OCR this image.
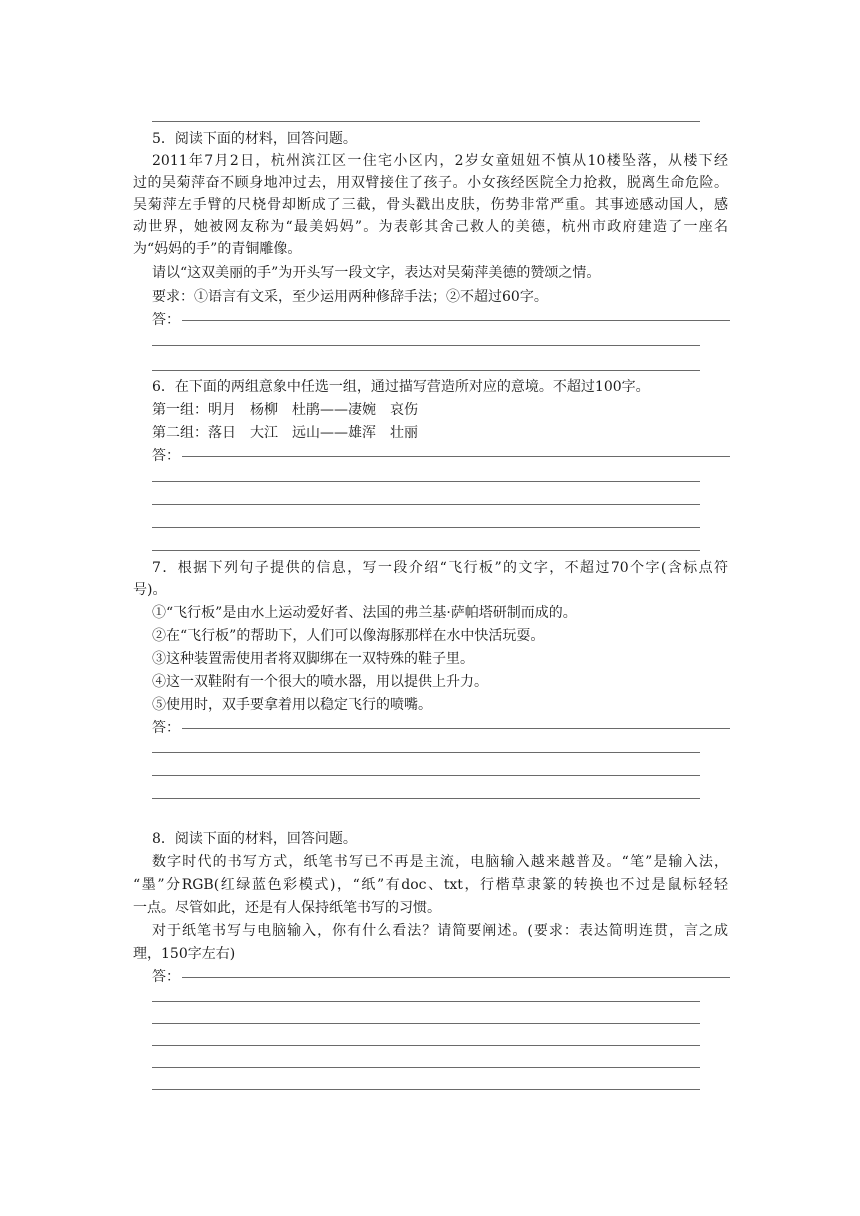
5．阅读下面的材料，回答问题。
2011年7月2日，杭州滨江区一住宅小区内，2岁女童妞妞不慎从10楼坠落，从楼下经
过的吴菊萍奋不顾身地冲过去，用双臂接住了孩子。小女孩经医院全力抢救，脱离生命危险。
吴菊萍左手臂的尺桡骨却断成了三截，骨头戳出皮肤，伤势非常严重。其事迹感动国人，感
动世界，她被网友称为“最美妈妈”。为表彰其舍己救人的美德，杭州市政府建造了一座名
为“妈妈的手”的青铜雕像。
请以“这双美丽的手”为开头写一段文字，表达对吴菊萍美德的赞颂之情。
要求：①语言有文采，至少运用两种修辞手法；②不超过60字。
答：
6．在下面的两组意象中任选一组，通过描写营造所对应的意境。不超过100字。
第一组：明月　杨柳　杜鹃——凄婉　哀伤
第二组：落日　大江　远山——雄浑　壮丽
答：
7．根据下列句子提供的信息，写一段介绍“飞行板”的文字，不超过70个字(含标点符
号)。
①“飞行板”是由水上运动爱好者、法国的弗兰基·萨帕塔研制而成的。
②在“飞行板”的帮助下，人们可以像海豚那样在水中快活玩耍。
③这种装置需使用者将双脚绑在一双特殊的鞋子里。
④这一双鞋附有一个很大的喷水器，用以提供上升力。
⑤使用时，双手要拿着用以稳定飞行的喷嘴。
答：
8．阅读下面的材料，回答问题。
数字时代的书写方式，纸笔书写已不再是主流，电脑输入越来越普及。“笔”是输入法，
“墨”分RGB(红绿蓝色彩模式)，“纸”有doc、txt，行楷草隶篆的转换也不过是鼠标轻轻
一点。尽管如此，还是有人保持纸笔书写的习惯。
对于纸笔书写与电脑输入，你有什么看法？请简要阐述。(要求：表达简明连贯，言之成
理，150字左右)
答：
